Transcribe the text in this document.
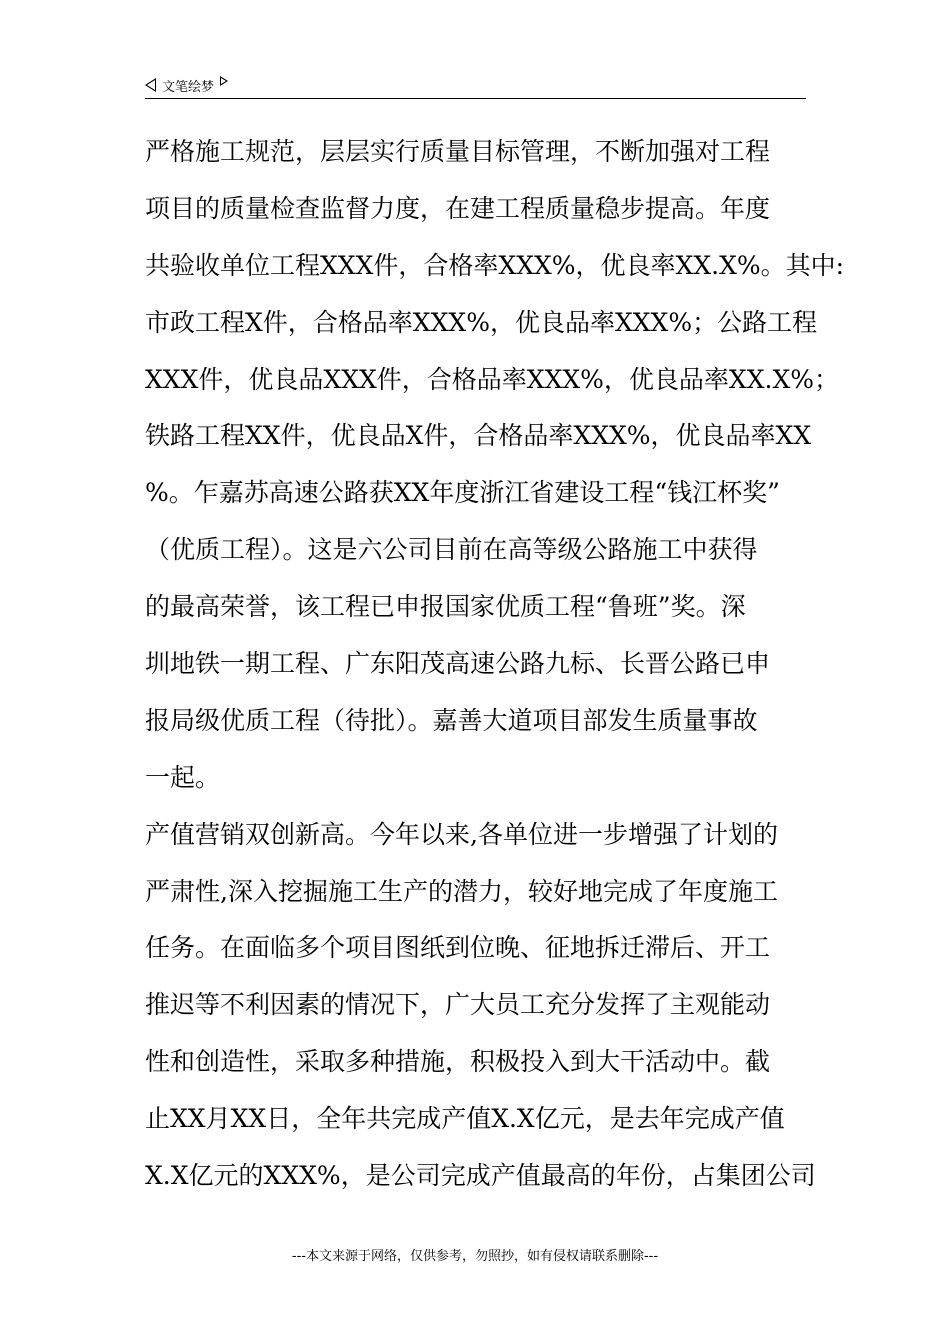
文笔绘梦
严格施工规范，层层实行质量目标管理，不断加强对工程
项目的质量检查监督力度，在建工程质量稳步提高。年度
共验收单位工程XXX件，合格率XXX%，优良率XX.X%。其中:
市政工程X件，合格品率XXX%，优良品率XXX%；公路工程
XXX件，优良品XXX件，合格品率XXX%，优良品率XX.X%；
铁路工程XX件，优良品X件，合格品率XXX%，优良品率XX
%。乍嘉苏高速公路获XX年度浙江省建设工程“钱江杯奖”
（优质工程）。这是六公司目前在高等级公路施工中获得
的最高荣誉，该工程已申报国家优质工程“鲁班”奖。深
圳地铁一期工程、广东阳茂高速公路九标、长晋公路已申
报局级优质工程（待批）。嘉善大道项目部发生质量事故
一起。
产值营销双创新高。今年以来,各单位进一步增强了计划的
严肃性,深入挖掘施工生产的潜力，较好地完成了年度施工
任务。在面临多个项目图纸到位晚、征地拆迁滞后、开工
推迟等不利因素的情况下，广大员工充分发挥了主观能动
性和创造性，采取多种措施，积极投入到大干活动中。截
止XX月XX日，全年共完成产值X.X亿元，是去年完成产值
X.X亿元的XXX%，是公司完成产值最高的年份，占集团公司
---本文来源于网络，仅供参考，勿照抄，如有侵权请联系删除---
